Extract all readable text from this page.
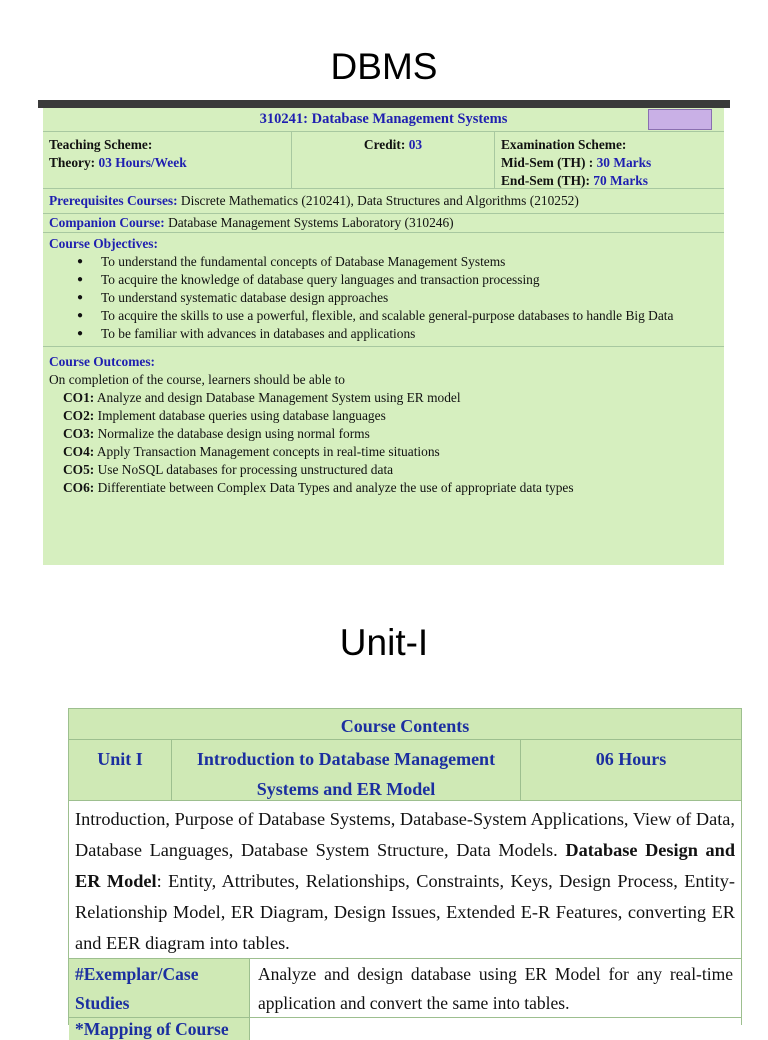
DBMS
310241: Database Management Systems
Teaching Scheme:
Theory: 03 Hours/Week
Credit: 03	Examination Scheme:
Mid-Sem (TH) : 30 Marks
End-Sem (TH): 70 Marks
Prerequisites Courses: Discrete Mathematics (210241), Data Structures and Algorithms (210252)
Companion Course: Database Management Systems Laboratory (310246)
Course Objectives:
● To understand the fundamental concepts of Database Management Systems
● To acquire the knowledge of database query languages and transaction processing
● To understand systematic database design approaches
● To acquire the skills to use a powerful, flexible, and scalable general-purpose databases to handle Big Data
● To be familiar with advances in databases and applications
Course Outcomes:
On completion of the course, learners should be able to
CO1: Analyze and design Database Management System using ER model
CO2: Implement database queries using database languages
CO3: Normalize the database design using normal forms
CO4: Apply Transaction Management concepts in real-time situations
CO5: Use NoSQL databases for processing unstructured data
CO6: Differentiate between Complex Data Types and analyze the use of appropriate data types
Unit-I
Course Contents
Unit I	Introduction to Database Management Systems and ER Model
06 Hours
Introduction, Purpose of Database Systems, Database-System Applications, View of Data, Database Languages, Database System Structure, Data Models. Database Design and ER Model: Entity, Attributes, Relationships, Constraints, Keys, Design Process, Entity-Relationship Model, ER Diagram, Design Issues, Extended E-R Features, converting ER and EER diagram into tables.
#Exemplar/Case Studies
Analyze and design database using ER Model for any real-time application and convert the same into tables.
*Mapping of Course
